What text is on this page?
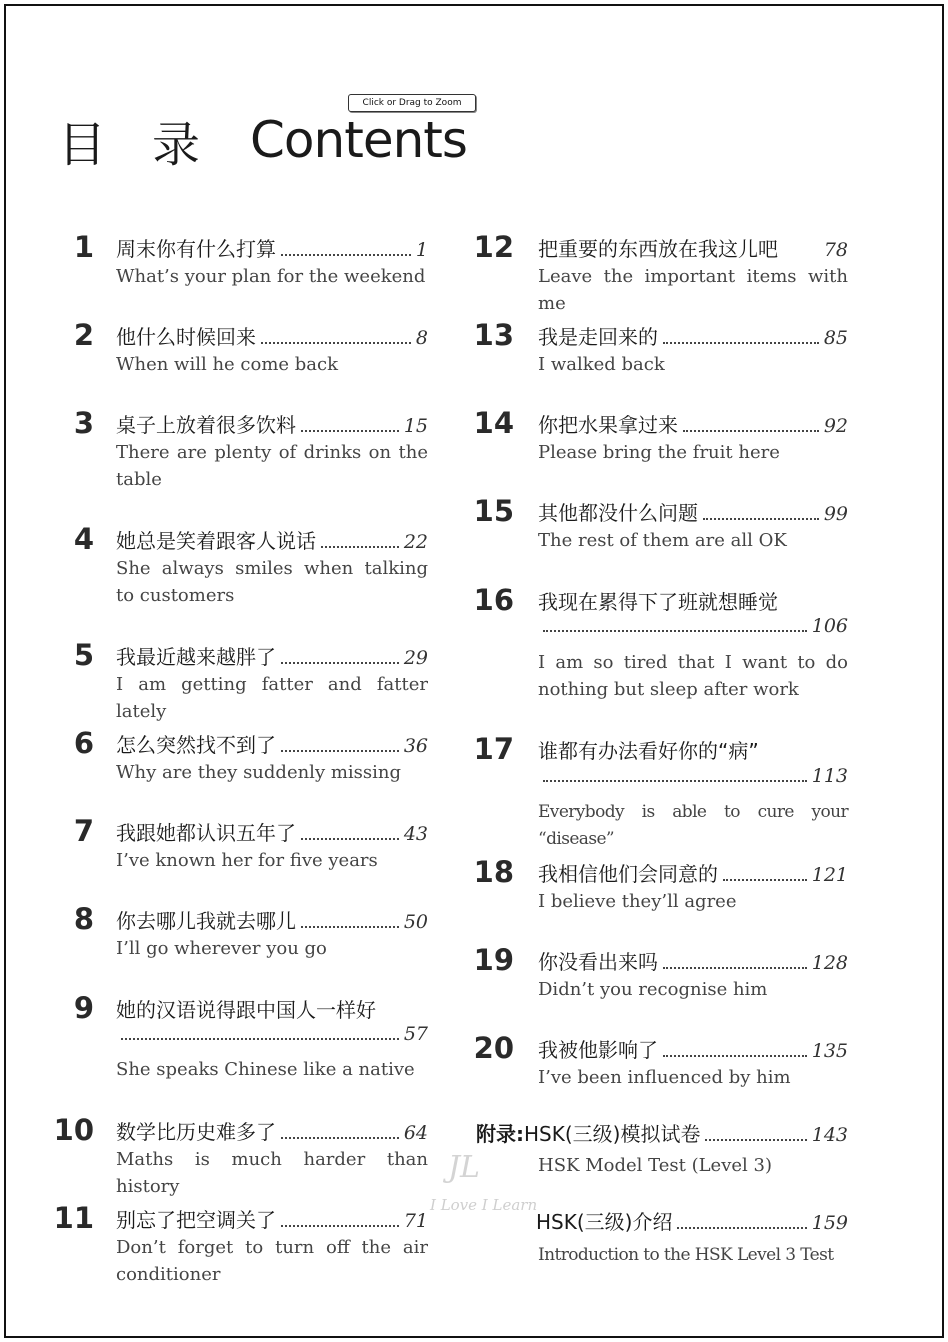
Click or Drag to Zoom
目录 Contents
1 周末你有什么打算	1
What’s your plan for the weekend
2 他什么时候回来	8
When will he come back
3 桌子上放着很多饮料	15
There are plenty of drinks on the table
4 她总是笑着跟客人说话	22
She always smiles when talking to customers
5 我最近越来越胖了	29
I am getting fatter and fatter lately
6 怎么突然找不到了	36
Why are they suddenly missing
7 我跟她都认识五年了	43
I’ve known her for five years
8 你去哪儿我就去哪儿	50
I’ll go wherever you go
9 她的汉语说得跟中国人一样好
57
She speaks Chinese like a native
10 数学比历史难多了	64
Maths is much harder than history
11 别忘了把空调关了	71
Don’t forget to turn off the air conditioner
12 把重要的东西放在我这儿吧 78
Leave the important items with me
13 我是走回来的	85
I walked back
14 你把水果拿过来	92
Please bring the fruit here
15 其他都没什么问题	99
The rest of them are all OK
16 我现在累得下了班就想睡觉
106
I am so tired that I want to do nothing but sleep after work
17 谁都有办法看好你的“病”
113
Everybody is able to cure your “disease”
18 我相信他们会同意的	121
I believe they’ll agree
19 你没看出来吗	128
Didn’t you recognise him
20 我被他影响了	135
I’ve been influenced by him
附录: HSK(三级)模拟试卷	143
HSK Model Test (Level 3)
HSK(三级)介绍	159
Introduction to the HSK Level 3 Test
JL
I Love I Learn
